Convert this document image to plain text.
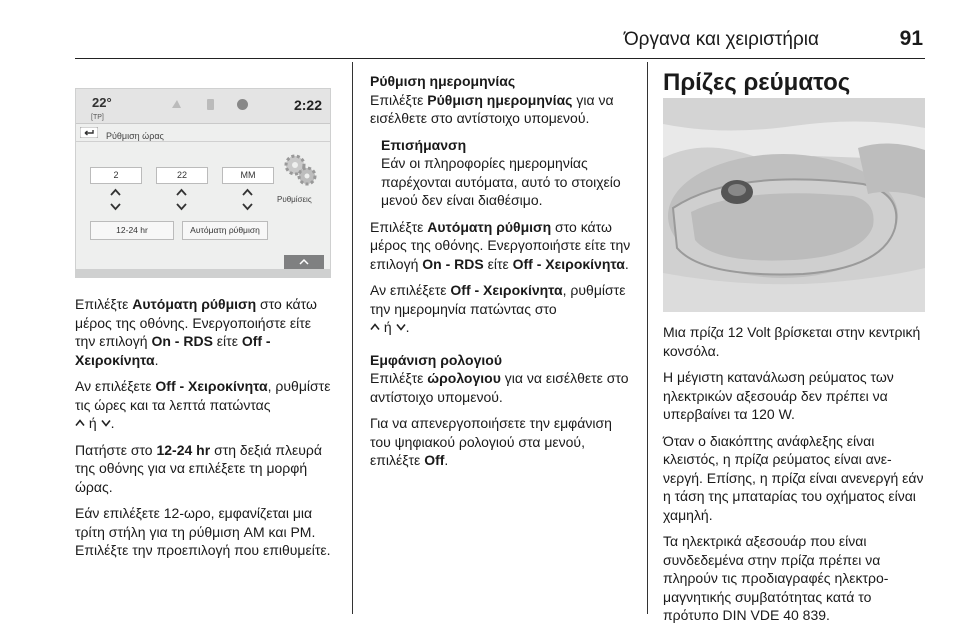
Όργανα και χειριστήρια	91
22°
[TP]
2:22
Ρύθμιση ώρας
2	22	MM
12-24 hr	Αυτόματη ρύθμιση
Ρυθμίσεις

Επιλέξτε Αυτόματη ρύθμιση στο κάτω μέρος της οθόνης. Ενεργοποιήστε είτε την επιλογή On - RDS είτε Off - Χειροκίνητα.

Αν επιλέξετε Off - Χειροκίνητα, ρυθμίστε τις ώρες και τα λεπτά πατώντας
ή .

Πατήστε στο 12-24 hr στη δεξιά πλευρά της οθόνης για να επιλέξετε τη μορφή ώρας.

Εάν επιλέξετε 12-ωρο, εμφανίζεται μια τρίτη στήλη για τη ρύθμιση AM και PM. Επιλέξτε την προεπιλογή που επιθυμείτε.

Ρύθμιση ημερομηνίας
Επιλέξτε Ρύθμιση ημερομηνίας για να εισέλθετε στο αντίστοιχο υπομενού.

Επισήμανση
Εάν οι πληροφορίες ημερομηνίας παρέχονται αυτόματα, αυτό το στοιχείο μενού δεν είναι διαθέσιμο.

Επιλέξτε Αυτόματη ρύθμιση στο κάτω μέρος της οθόνης. Ενεργοποιήστε είτε την επιλογή On - RDS είτε Off - Χειροκίνητα.

Αν επιλέξετε Off - Χειροκίνητα, ρυθμίστε την ημερομηνία πατώντας στο
ή .

Εμφάνιση ρολογιού
Επιλέξτε ώρολογιου για να εισέλθετε στο αντίστοιχο υπομενού.

Για να απενεργοποιήσετε την εμφάνιση του ψηφιακού ρολογιού στα μενού, επιλέξτε Off.

Πρίζες ρεύματος

Μια πρίζα 12 Volt βρίσκεται στην κεντρική κονσόλα.

Η μέγιστη κατανάλωση ρεύματος των ηλεκτρικών αξεσουάρ δεν πρέπει να υπερβαίνει τα 120 W.

Όταν ο διακόπτης ανάφλεξης είναι κλειστός, η πρίζα ρεύματος είναι ανενεργή. Επίσης, η πρίζα είναι ανενεργή εάν η τάση της μπαταρίας του οχήματος είναι χαμηλή.

Τα ηλεκτρικά αξεσουάρ που είναι συνδεδεμένα στην πρίζα πρέπει να πληρούν τις προδιαγραφές ηλεκτρομαγνητικής συμβατότητας κατά το πρότυπο DIN VDE 40 839.
